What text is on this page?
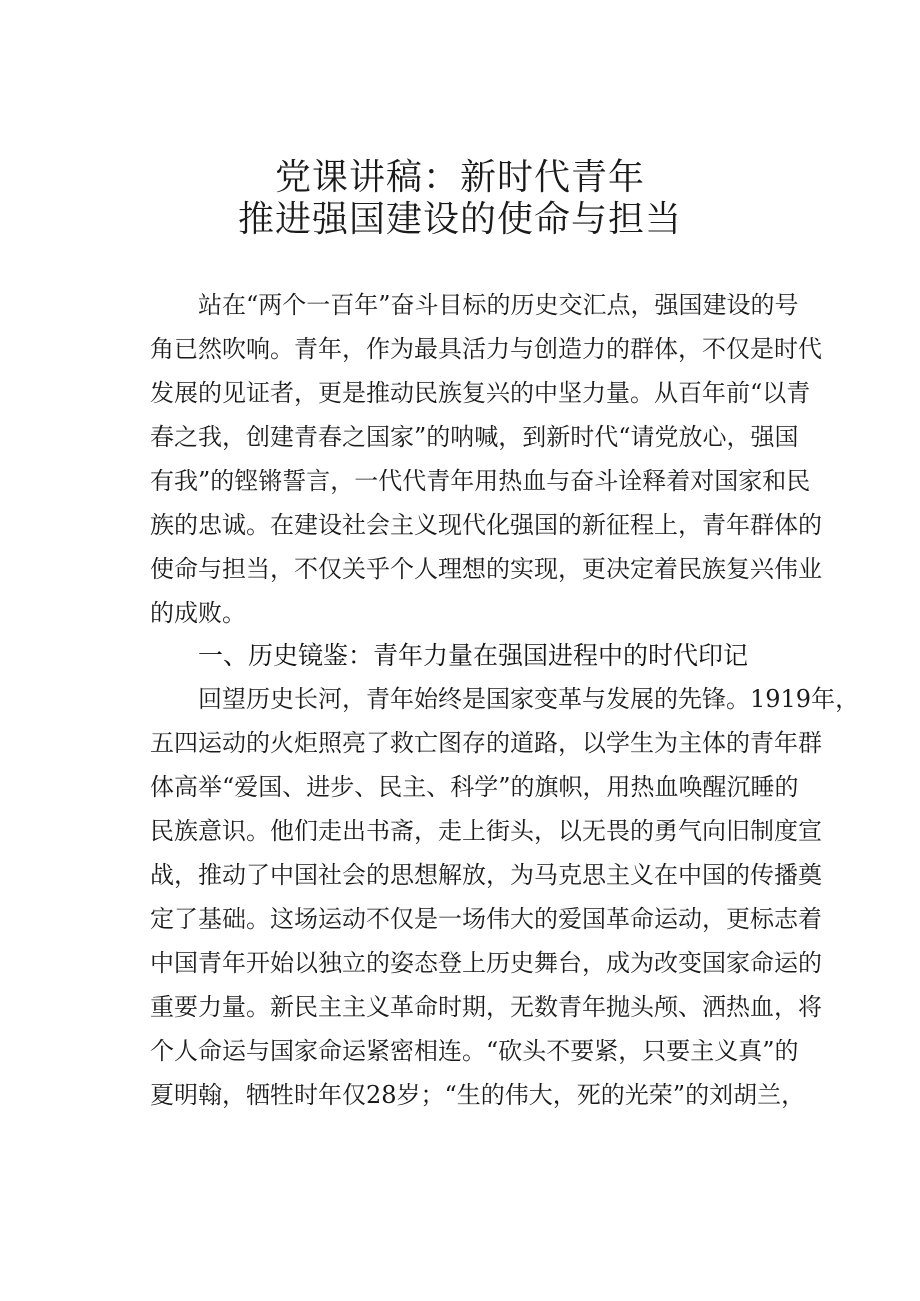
党课讲稿：新时代青年
推进强国建设的使命与担当
站在“两个一百年”奋斗目标的历史交汇点，强国建设的号
角已然吹响。青年，作为最具活力与创造力的群体，不仅是时代
发展的见证者，更是推动民族复兴的中坚力量。从百年前“以青
春之我，创建青春之国家”的呐喊，到新时代“请党放心，强国
有我”的铿锵誓言，一代代青年用热血与奋斗诠释着对国家和民
族的忠诚。在建设社会主义现代化强国的新征程上，青年群体的
使命与担当，不仅关乎个人理想的实现，更决定着民族复兴伟业
的成败。
一、历史镜鉴：青年力量在强国进程中的时代印记
回望历史长河，青年始终是国家变革与发展的先锋。1919年，
五四运动的火炬照亮了救亡图存的道路，以学生为主体的青年群
体高举“爱国、进步、民主、科学”的旗帜，用热血唤醒沉睡的
民族意识。他们走出书斋，走上街头，以无畏的勇气向旧制度宣
战，推动了中国社会的思想解放，为马克思主义在中国的传播奠
定了基础。这场运动不仅是一场伟大的爱国革命运动，更标志着
中国青年开始以独立的姿态登上历史舞台，成为改变国家命运的
重要力量。新民主主义革命时期，无数青年抛头颅、洒热血，将
个人命运与国家命运紧密相连。“砍头不要紧，只要主义真”的
夏明翰，牺牲时年仅28岁；“生的伟大，死的光荣”的刘胡兰，
